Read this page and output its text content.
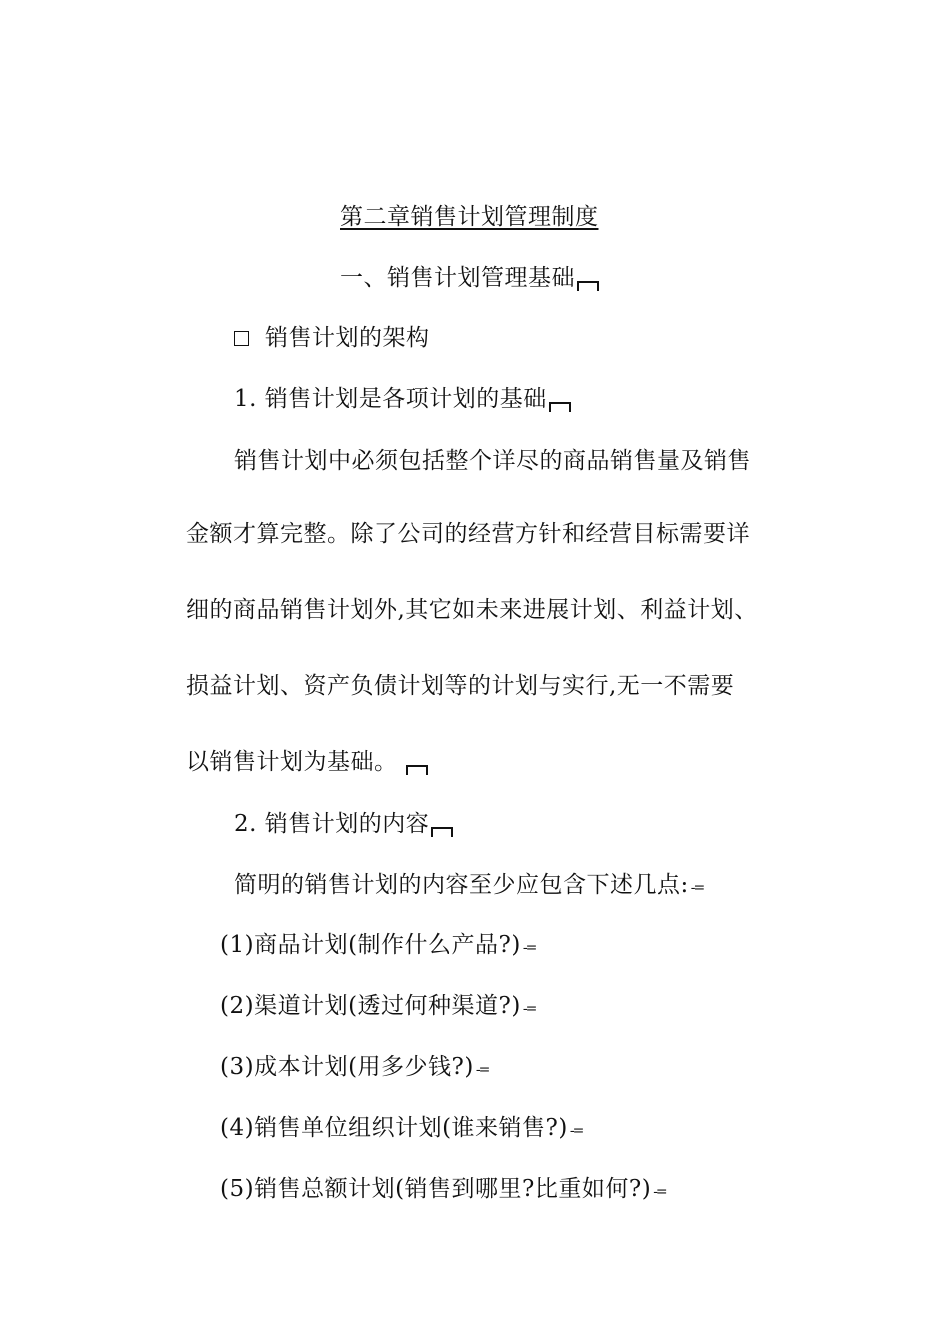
第二章销售计划管理制度
一、销售计划管理基础
销售计划的架构
1. 销售计划是各项计划的基础
销售计划中必须包括整个详尽的商品销售量及销售
金额才算完整。除了公司的经营方针和经营目标需要详
细的商品销售计划外,其它如未来进展计划、利益计划、
损益计划、资产负债计划等的计划与实行,无一不需要
以销售计划为基础。
2. 销售计划的内容
简明的销售计划的内容至少应包含下述几点: -=
(1)商品计划(制作什么产品?) -=
(2)渠道计划(透过何种渠道?) -=
(3)成本计划(用多少钱?) -=
(4)销售单位组织计划(谁来销售?) -=
(5)销售总额计划(销售到哪里?比重如何?) -=
